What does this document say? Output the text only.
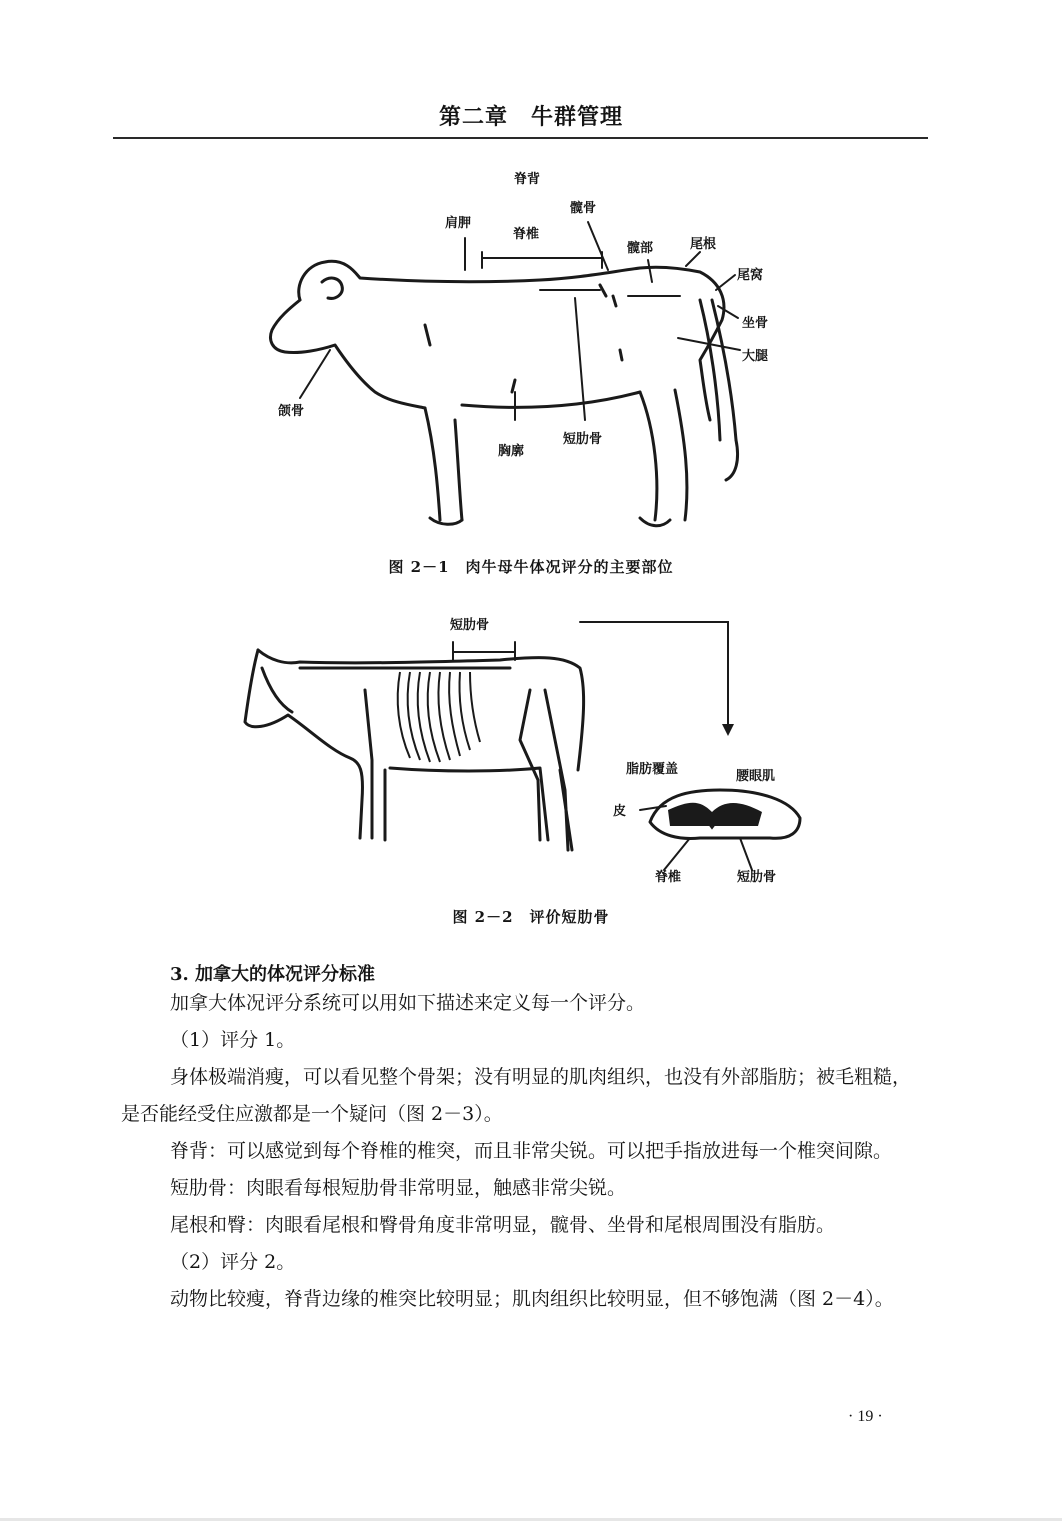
第二章　牛群管理
脊背
髋骨
肩胛
脊椎
髋部	尾根
尾窝
坐骨
大腿
颌骨
胸廓
短肋骨
图 2－1　肉牛母牛体况评分的主要部位
短肋骨
脂肪覆盖	腰眼肌
皮
脊椎	短肋骨
图 2－2　评价短肋骨
3. 加拿大的体况评分标准

加拿大体况评分系统可以用如下描述来定义每一个评分。

（1）评分 1。

身体极端消瘦，可以看见整个骨架；没有明显的肌肉组织，也没有外部脂肪；被毛粗糙，是否能经受住应激都是一个疑问（图 2－3）。

脊背：可以感觉到每个脊椎的椎突，而且非常尖锐。可以把手指放进每一个椎突间隙。

短肋骨：肉眼看每根短肋骨非常明显，触感非常尖锐。

尾根和臀：肉眼看尾根和臀骨角度非常明显，髋骨、坐骨和尾根周围没有脂肪。

（2）评分 2。

动物比较瘦，脊背边缘的椎突比较明显；肌肉组织比较明显，但不够饱满（图 2－4）。

· 19 ·
